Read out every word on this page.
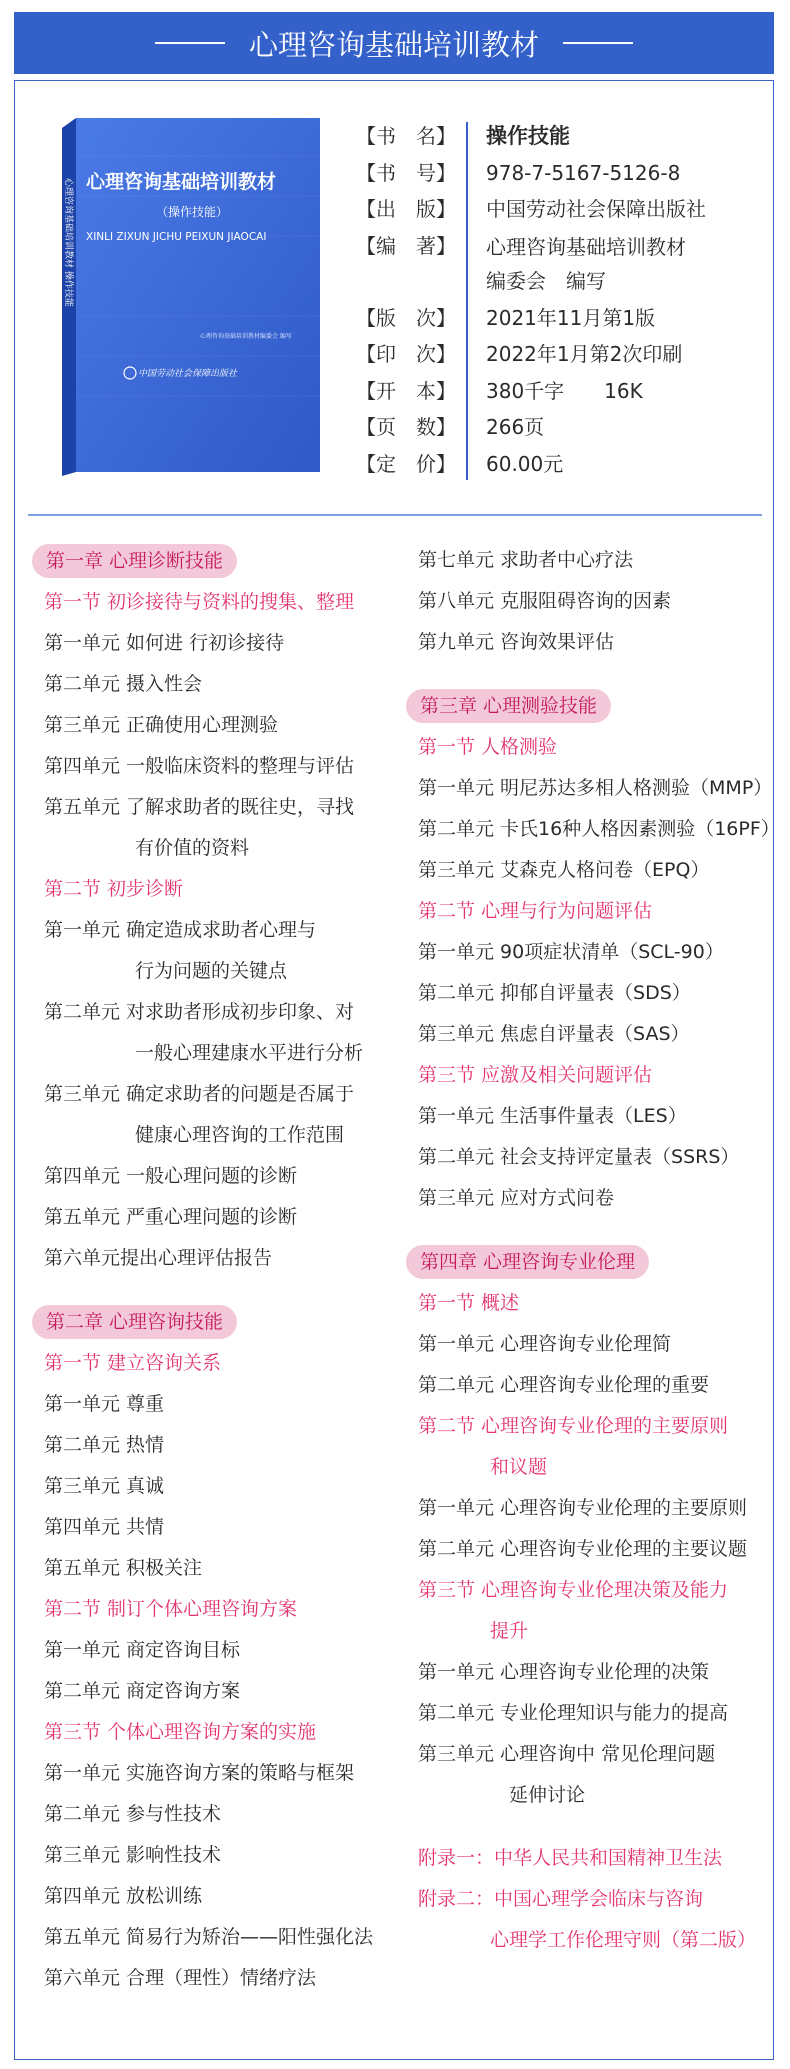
心理咨询基础培训教材
心理咨询基础培训教材
（操作技能）
XINLI ZIXUN JICHU PEIXUN JIAOCAI
心理咨询基础培训教材 操作技能
心理咨询基础培训教材编委会 编写
中国劳动社会保障出版社
【书　名】	操作技能
【书　号】	978-7-5167-5126-8
【出　版】	中国劳动社会保障出版社
【编　著】	心理咨询基础培训教材
编委会　编写
【版　次】	2021年11月第1版
【印　次】	2022年1月第2次印刷
【开　本】	380千字　　16K
【页　数】	266页
【定　价】	60.00元
第一章 心理诊断技能
第一节 初诊接待与资料的搜集、整理
第一单元 如何进 行初诊接待
第二单元 摄入性会
第三单元 正确使用心理测验
第四单元 一般临床资料的整理与评估
第五单元 了解求助者的既往史，寻找
有价值的资料
第二节 初步诊断
第一单元 确定造成求助者心理与
行为问题的关键点
第二单元 对求助者形成初步印象、对
一般心理建康水平进行分析
第三单元 确定求助者的问题是否属于
健康心理咨询的工作范围
第四单元 一般心理问题的诊断
第五单元 严重心理问题的诊断
第六单元提出心理评估报告
第二章 心理咨询技能
第一节 建立咨询关系
第一单元 尊重
第二单元 热情
第三单元 真诚
第四单元 共情
第五单元 积极关注
第二节 制订个体心理咨询方案
第一单元 商定咨询目标
第二单元 商定咨询方案
第三节 个体心理咨询方案的实施
第一单元 实施咨询方案的策略与框架
第二单元 参与性技术
第三单元 影响性技术
第四单元 放松训练
第五单元 简易行为矫治——阳性强化法
第六单元 合理（理性）情绪疗法
第七单元 求助者中心疗法
第八单元 克服阻碍咨询的因素
第九单元 咨询效果评估
第三章 心理测验技能
第一节 人格测验
第一单元 明尼苏达多相人格测验（MMP）
第二单元 卡氏16种人格因素测验（16PF）
第三单元 艾森克人格问卷（EPQ）
第二节 心理与行为问题评估
第一单元 90项症状清单（SCL-90）
第二单元 抑郁自评量表（SDS）
第三单元 焦虑自评量表（SAS）
第三节 应激及相关问题评估
第一单元 生活事件量表（LES）
第二单元 社会支持评定量表（SSRS）
第三单元 应对方式问卷
第四章 心理咨询专业伦理
第一节 概述
第一单元 心理咨询专业伦理简
第二单元 心理咨询专业伦理的重要
第二节 心理咨询专业伦理的主要原则
和议题
第一单元 心理咨询专业伦理的主要原则
第二单元 心理咨询专业伦理的主要议题
第三节 心理咨询专业伦理决策及能力
提升
第一单元 心理咨询专业伦理的决策
第二单元 专业伦理知识与能力的提高
第三单元 心理咨询中 常见伦理问题
延伸讨论
附录一：中华人民共和国精神卫生法
附录二：中国心理学会临床与咨询
心理学工作伦理守则（第二版）
